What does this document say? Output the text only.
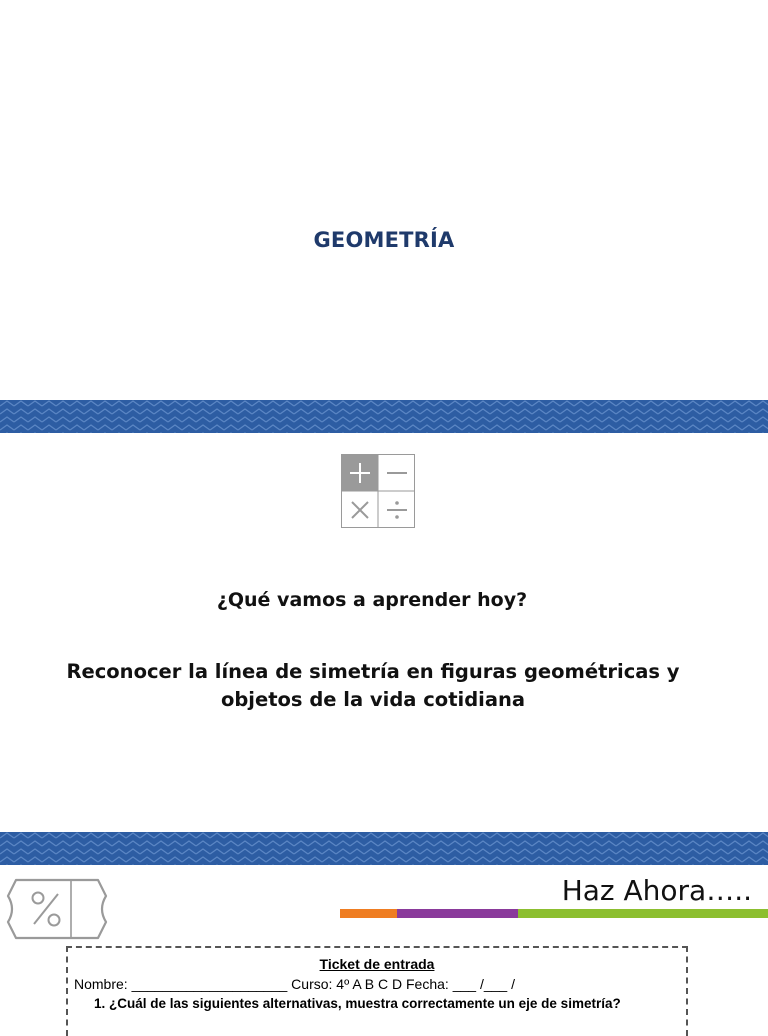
GEOMETRÍA
¿Qué vamos a aprender hoy?
Reconocer la línea de simetría en figuras geométricas y
objetos de la vida cotidiana
Haz Ahora…..
Ticket de entrada
Nombre: ____________________ Curso: 4º A B C D Fecha: ___ /___ /
1. ¿Cuál de las siguientes alternativas, muestra correctamente un eje de simetría?
